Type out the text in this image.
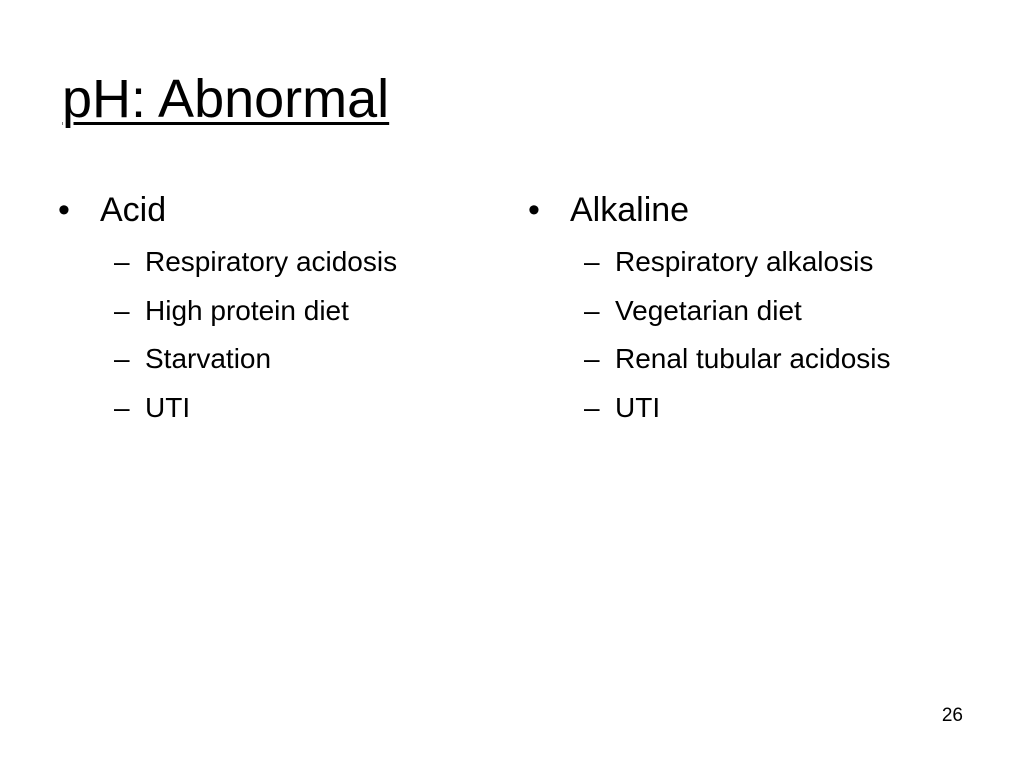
pH: Abnormal
• Acid
– Respiratory acidosis
– High protein diet
– Starvation
– UTI
• Alkaline
– Respiratory alkalosis
– Vegetarian diet
– Renal tubular acidosis
– UTI
26
